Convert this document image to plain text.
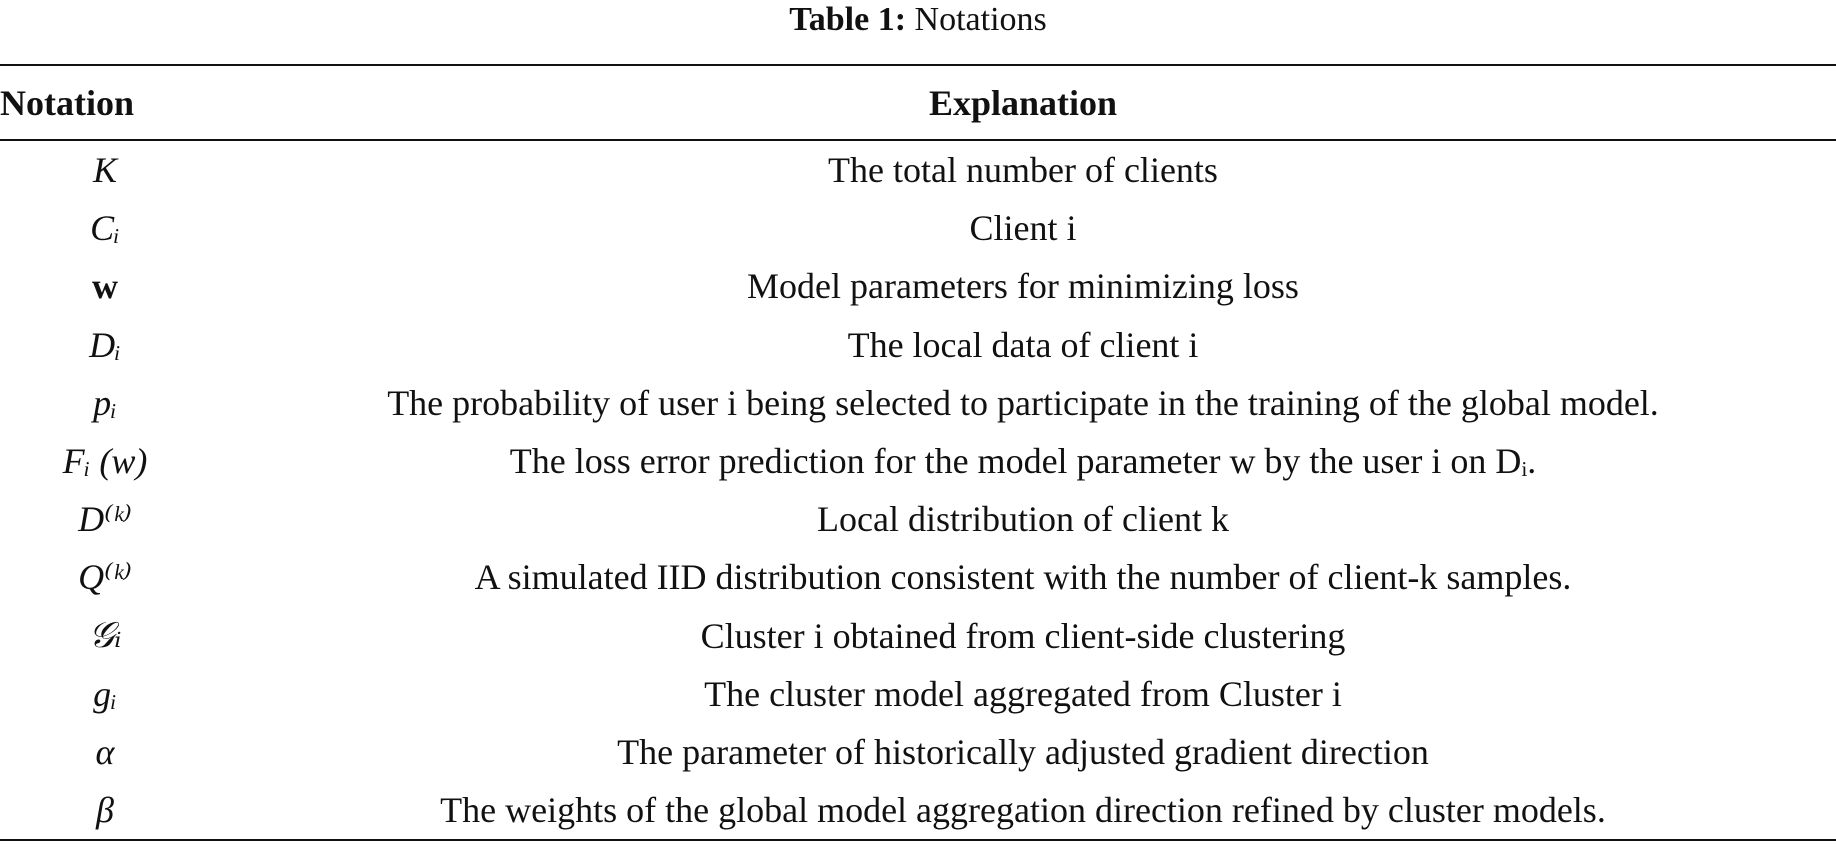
Table 1: Notations
Notation	Explanation
K	The total number of clients
Cᵢ	Client i
w	Model parameters for minimizing loss
Dᵢ	The local data of client i
pᵢ	The probability of user i being selected to participate in the training of the global model.
Fᵢ (w)	The loss error prediction for the model parameter w by the user i on Dᵢ.
D⁽ᵏ⁾	Local distribution of client k
Q⁽ᵏ⁾	A simulated IID distribution consistent with the number of client-k samples.
𝒢ᵢ	Cluster i obtained from client-side clustering
gᵢ	The cluster model aggregated from Cluster i
α	The parameter of historically adjusted gradient direction
β	The weights of the global model aggregation direction refined by cluster models.
